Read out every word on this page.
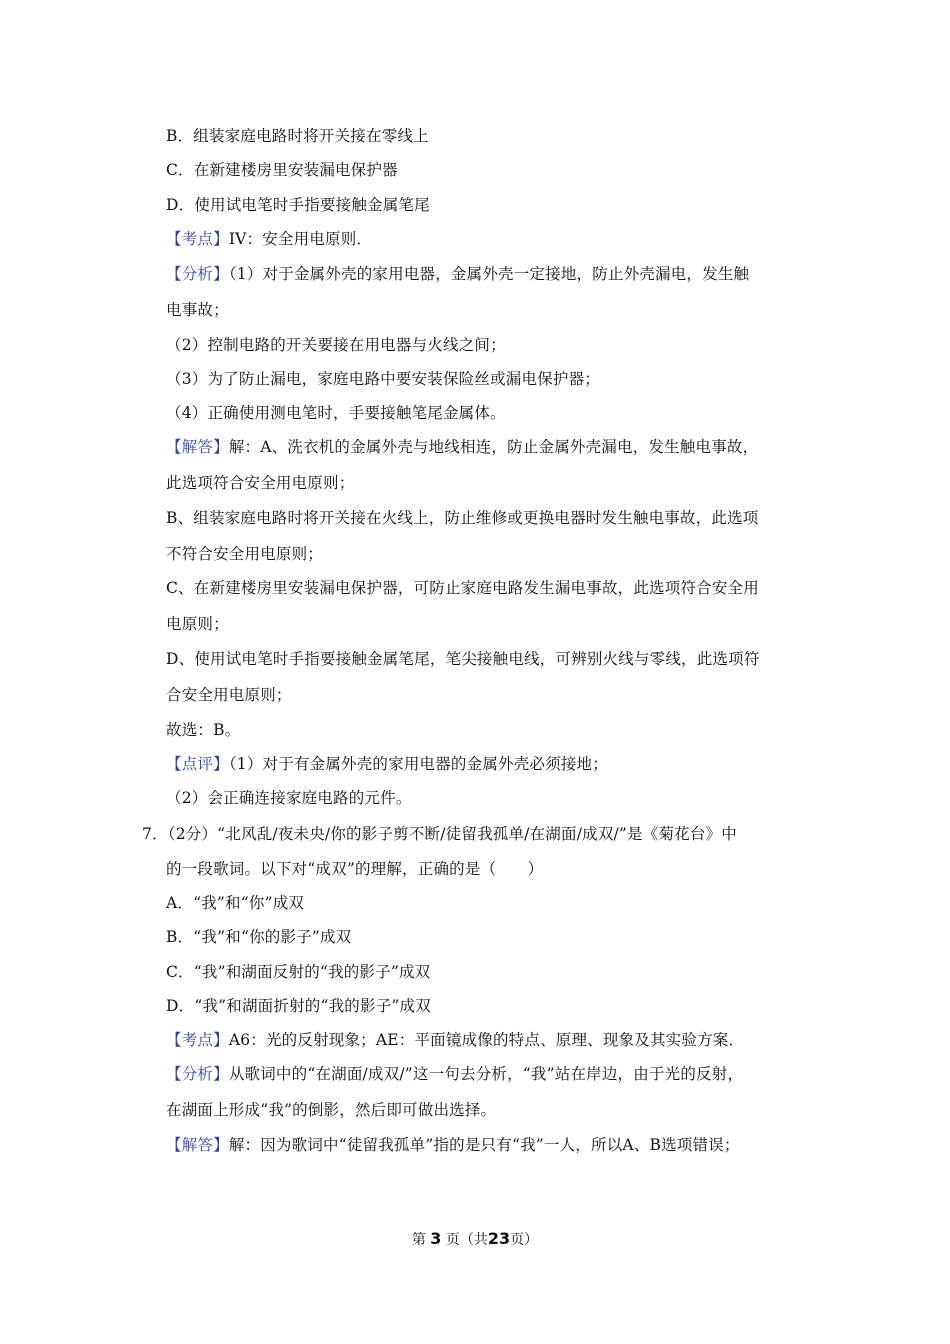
B．组装家庭电路时将开关接在零线上
C．在新建楼房里安装漏电保护器
D．使用试电笔时手指要接触金属笔尾
【考点】IV：安全用电原则．
【分析】（1）对于金属外壳的家用电器，金属外壳一定接地，防止外壳漏电，发生触
电事故；
（2）控制电路的开关要接在用电器与火线之间；
（3）为了防止漏电，家庭电路中要安装保险丝或漏电保护器；
（4）正确使用测电笔时，手要接触笔尾金属体。
【解答】解：A、洗衣机的金属外壳与地线相连，防止金属外壳漏电，发生触电事故，
此选项符合安全用电原则；
B、组装家庭电路时将开关接在火线上，防止维修或更换电器时发生触电事故，此选项
不符合安全用电原则；
C、在新建楼房里安装漏电保护器，可防止家庭电路发生漏电事故，此选项符合安全用
电原则；
D、使用试电笔时手指要接触金属笔尾，笔尖接触电线，可辨别火线与零线，此选项符
合安全用电原则；
故选：B。
【点评】（1）对于有金属外壳的家用电器的金属外壳必须接地；
（2）会正确连接家庭电路的元件。
7．（2分）“北风乱/夜未央/你的影子剪不断/徒留我孤单/在湖面/成双/”是《菊花台》中
的一段歌词。以下对“成双”的理解，正确的是（　　）
A．“我”和“你”成双
B．“我”和“你的影子”成双
C．“我”和湖面反射的“我的影子”成双
D．“我”和湖面折射的“我的影子”成双
【考点】A6：光的反射现象；AE：平面镜成像的特点、原理、现象及其实验方案．
【分析】从歌词中的“在湖面/成双/”这一句去分析，“我”站在岸边，由于光的反射，
在湖面上形成“我”的倒影，然后即可做出选择。
【解答】解：因为歌词中“徒留我孤单”指的是只有“我”一人，所以A、B选项错误；
第 3 页（共23页）
